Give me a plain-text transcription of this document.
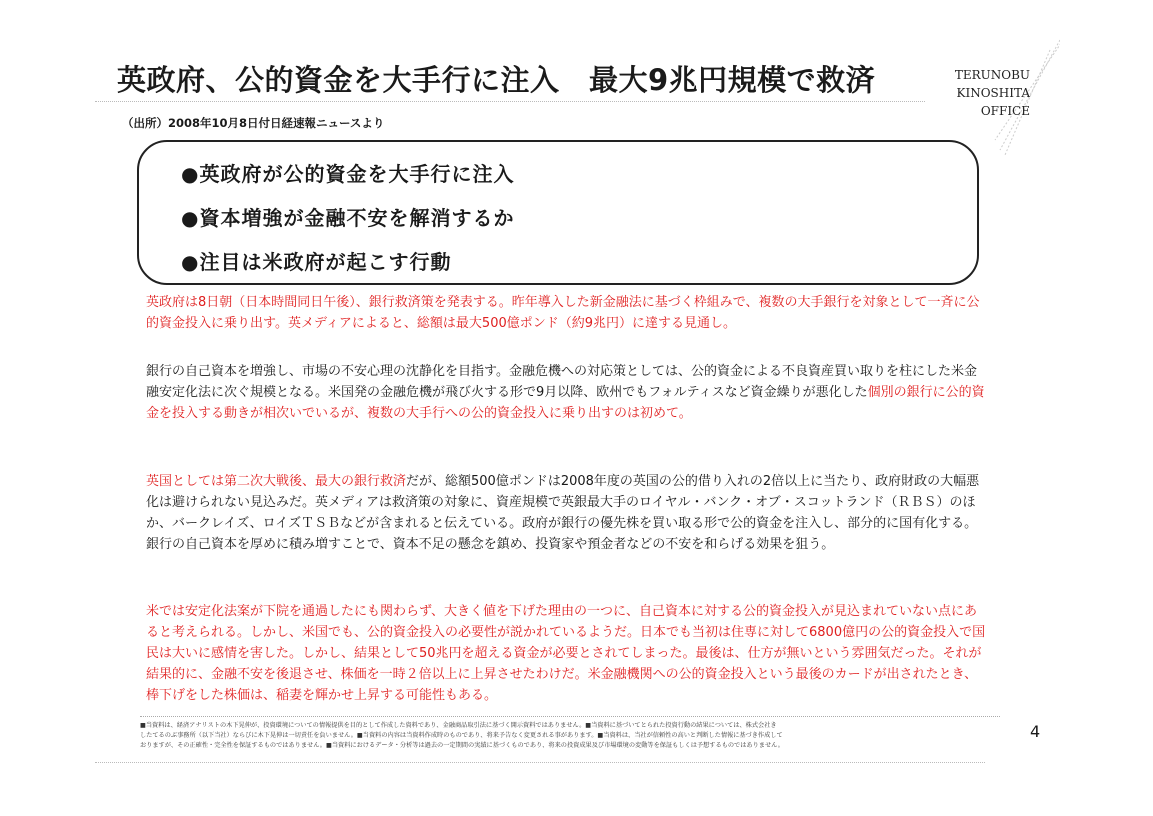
英政府、公的資金を大手行に注入　最大9兆円規模で救済	TERUNOBU
KINOSHITA
OFFICE
（出所）2008年10月8日付日経速報ニュースより
●英政府が公的資金を大手行に注入
●資本増強が金融不安を解消するか
●注目は米政府が起こす行動
英政府は8日朝（日本時間同日午後）、銀行救済策を発表する。昨年導入した新金融法に基づく枠組みで、複数の大手銀行を対象として一斉に公的資金投入に乗り出す。英メディアによると、総額は最大500億ポンド（約9兆円）に達する見通し。
銀行の自己資本を増強し、市場の不安心理の沈静化を目指す。金融危機への対応策としては、公的資金による不良資産買い取りを柱にした米金融安定化法に次ぐ規模となる。米国発の金融危機が飛び火する形で9月以降、欧州でもフォルティスなど資金繰りが悪化した個別の銀行に公的資金を投入する動きが相次いでいるが、複数の大手行への公的資金投入に乗り出すのは初めて。
英国としては第二次大戦後、最大の銀行救済だが、総額500億ポンドは2008年度の英国の公的借り入れの2倍以上に当たり、政府財政の大幅悪化は避けられない見込みだ。英メディアは救済策の対象に、資産規模で英銀最大手のロイヤル・バンク・オブ・スコットランド（ＲＢＳ）のほか、バークレイズ、ロイズＴＳＢなどが含まれると伝えている。政府が銀行の優先株を買い取る形で公的資金を注入し、部分的に国有化する。銀行の自己資本を厚めに積み増すことで、資本不足の懸念を鎮め、投資家や預金者などの不安を和らげる効果を狙う。
米では安定化法案が下院を通過したにも関わらず、大きく値を下げた理由の一つに、自己資本に対する公的資金投入が見込まれていない点にあると考えられる。しかし、米国でも、公的資金投入の必要性が説かれているようだ。日本でも当初は住専に対して6800億円の公的資金投入で国民は大いに感情を害した。しかし、結果として50兆円を超える資金が必要とされてしまった。最後は、仕方が無いという雰囲気だった。それが結果的に、金融不安を後退させ、株価を一時２倍以上に上昇させたわけだ。米金融機関への公的資金投入という最後のカードが出されたとき、棒下げをした株価は、稲妻を輝かせ上昇する可能性もある。
■当資料は、経済アナリストの木下晃伸が、投資環境についての情報提供を目的として作成した資料であり、金融商品取引法に基づく開示資料ではありません。■当資料に基づいてとられた投資行動の結果については、株式会社き
したてるのぶ事務所（以下当社）ならびに木下晃伸は一切責任を負いません。■当資料の内容は当資料作成時のものであり、将来予告なく変更される事があります。■当資料は、当社が信頼性の高いと判断した情報に基づき作成して
おりますが、その正確性・完全性を保証するものではありません。■当資料におけるデータ・分析等は過去の一定期間の実績に基づくものであり、将来の投資成果及び市場環境の変動等を保証もしくは予想するものではありません。
4
